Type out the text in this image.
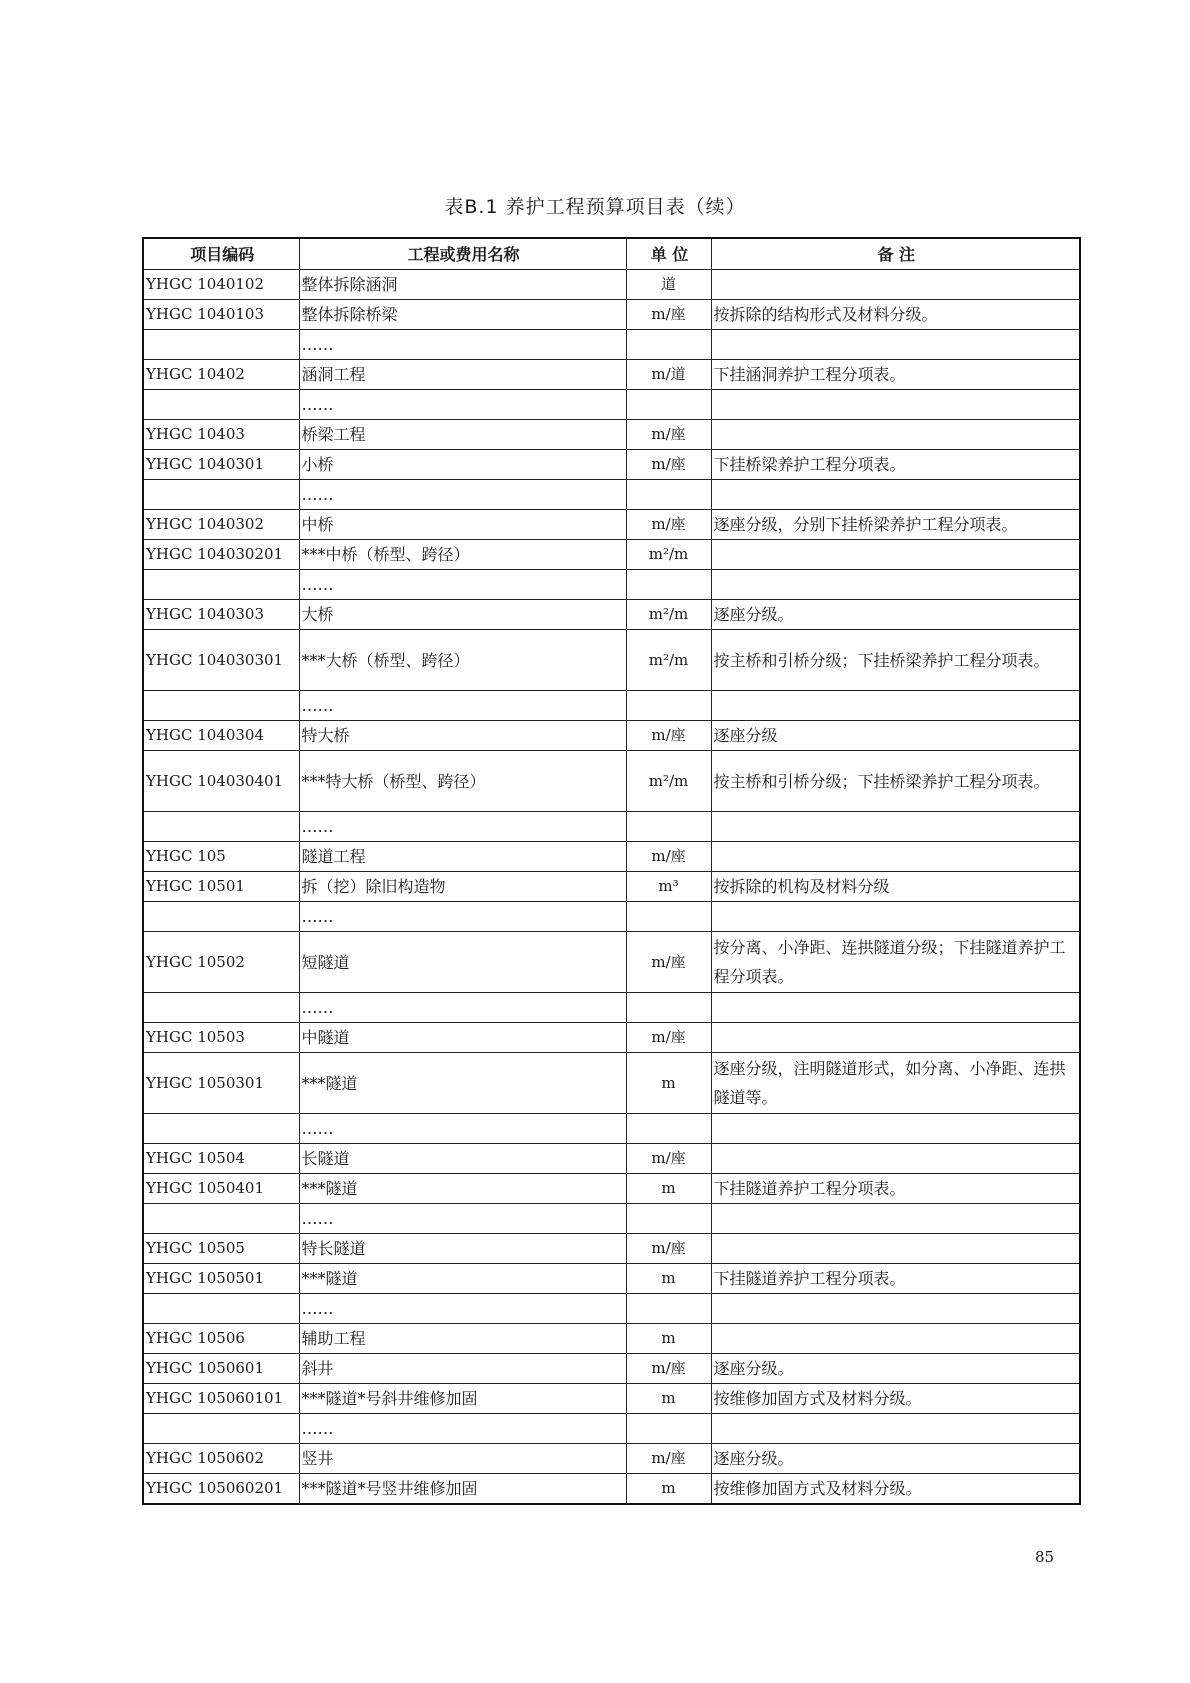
表B.1 养护工程预算项目表（续）
项目编码	工程或费用名称	单 位	备 注
YHGC 1040102	整体拆除涵洞	道	
YHGC 1040103	整体拆除桥梁	m/座	按拆除的结构形式及材料分级。
	……		
YHGC 10402	涵洞工程	m/道	下挂涵洞养护工程分项表。
	……		
YHGC 10403	桥梁工程	m/座	
YHGC 1040301	小桥	m/座	下挂桥梁养护工程分项表。
	……		
YHGC 1040302	中桥	m/座	逐座分级，分别下挂桥梁养护工程分项表。
YHGC 104030201	***中桥（桥型、跨径）	m²/m	
	……		
YHGC 1040303	大桥	m²/m	逐座分级。
YHGC 104030301	***大桥（桥型、跨径）	m²/m	按主桥和引桥分级；下挂桥梁养护工程分项表。
	……		
YHGC 1040304	特大桥	m/座	逐座分级
YHGC 104030401	***特大桥（桥型、跨径）	m²/m	按主桥和引桥分级；下挂桥梁养护工程分项表。
	……		
YHGC 105	隧道工程	m/座	
YHGC 10501	拆（挖）除旧构造物	m³	按拆除的机构及材料分级
	……		
YHGC 10502	短隧道	m/座	按分离、小净距、连拱隧道分级；下挂隧道养护工程分项表。
	……		
YHGC 10503	中隧道	m/座	
YHGC 1050301	***隧道	m	逐座分级，注明隧道形式，如分离、小净距、连拱隧道等。
	……		
YHGC 10504	长隧道	m/座	
YHGC 1050401	***隧道	m	下挂隧道养护工程分项表。
	……		
YHGC 10505	特长隧道	m/座	
YHGC 1050501	***隧道	m	下挂隧道养护工程分项表。
	……		
YHGC 10506	辅助工程	m	
YHGC 1050601	斜井	m/座	逐座分级。
YHGC 105060101	***隧道*号斜井维修加固	m	按维修加固方式及材料分级。
	……		
YHGC 1050602	竖井	m/座	逐座分级。
YHGC 105060201	***隧道*号竖井维修加固	m	按维修加固方式及材料分级。
85
